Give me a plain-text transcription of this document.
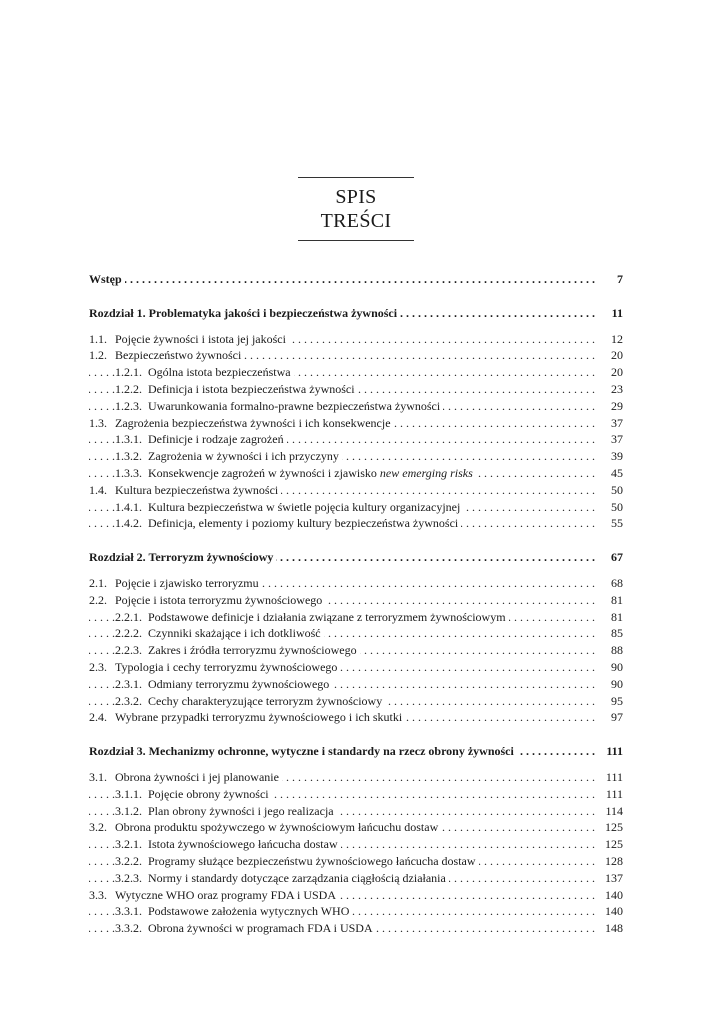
SPIS TREŚCI
. . .
Wstęp	7
. . .
Rozdział 1. Problematyka jakości i bezpieczeństwa żywności	11
. . .
1.1. Pojęcie żywności i istota jej jakości	12
. . .
1.2. Bezpieczeństwo żywności	20
. . .
1.2.1. Ogólna istota bezpieczeństwa	20
. . .
1.2.2. Definicja i istota bezpieczeństwa żywności	23
. . .
1.2.3. Uwarunkowania formalno-prawne bezpieczeństwa żywności	29
. . .
1.3. Zagrożenia bezpieczeństwa żywności i ich konsekwencje	37
. . .
1.3.1. Definicje i rodzaje zagrożeń	37
. . .
1.3.2. Zagrożenia w żywności i ich przyczyny	39
. . .
1.3.3. Konsekwencje zagrożeń w żywności i zjawisko new emerging risks	45
. . .
1.4. Kultura bezpieczeństwa żywności	50
. . .
1.4.1. Kultura bezpieczeństwa w świetle pojęcia kultury organizacyjnej	50
. . .
1.4.2. Definicja, elementy i poziomy kultury bezpieczeństwa żywności	55
. . .
Rozdział 2. Terroryzm żywnościowy	67
. . .
2.1. Pojęcie i zjawisko terroryzmu	68
. . .
2.2. Pojęcie i istota terroryzmu żywnościowego	81
. . .
2.2.1. Podstawowe definicje i działania związane z terroryzmem żywnościowym	81
. . .
2.2.2. Czynniki skażające i ich dotkliwość	85
. . .
2.2.3. Zakres i źródła terroryzmu żywnościowego	88
. . .
2.3. Typologia i cechy terroryzmu żywnościowego	90
. . .
2.3.1. Odmiany terroryzmu żywnościowego	90
. . .
2.3.2. Cechy charakteryzujące terroryzm żywnościowy	95
. . .
2.4. Wybrane przypadki terroryzmu żywnościowego i ich skutki	97
. . .
Rozdział 3. Mechanizmy ochronne, wytyczne i standardy na rzecz obrony żywności	111
. . .
3.1. Obrona żywności i jej planowanie	111
. . .
3.1.1. Pojęcie obrony żywności	111
. . .
3.1.2. Plan obrony żywności i jego realizacja	114
. . .
3.2. Obrona produktu spożywczego w żywnościowym łańcuchu dostaw	125
. . .
3.2.1. Istota żywnościowego łańcucha dostaw	125
. . .
3.2.2. Programy służące bezpieczeństwu żywnościowego łańcucha dostaw	128
. . .
3.2.3. Normy i standardy dotyczące zarządzania ciągłością działania	137
. . .
3.3. Wytyczne WHO oraz programy FDA i USDA	140
. . .
3.3.1. Podstawowe założenia wytycznych WHO	140
. . .
3.3.2. Obrona żywności w programach FDA i USDA	148
